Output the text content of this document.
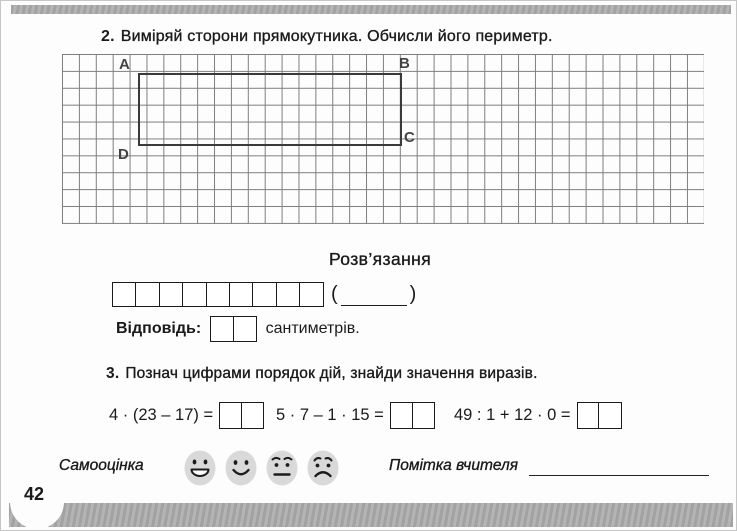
2. Виміряй сторони прямокутника. Обчисли його периметр.
A	B
C
D
Розв’язання
(	)
Відповідь:	сантиметрів.
3. Познач цифрами порядок дій, знайди значення виразів.
4 · (23 – 17) =	5 · 7 – 1 · 15 =	49 : 1 + 12 · 0 =
Самооцінка	Помітка вчителя
42
